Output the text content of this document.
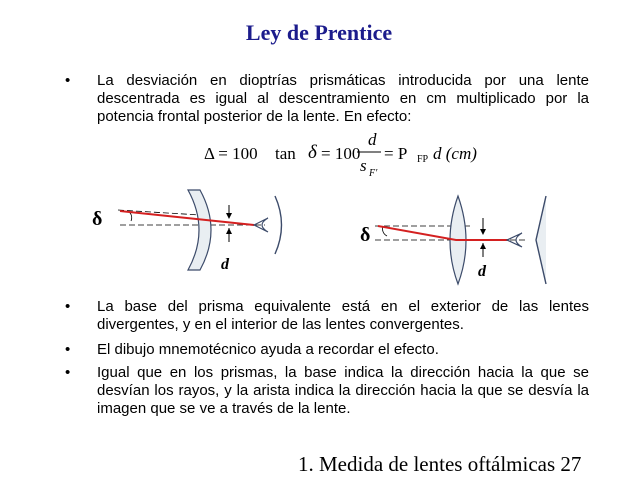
Ley de Prentice
• La desviación en dioptrías prismáticas introducida por una lente descentrada es igual al descentramiento en cm multiplicado por la potencia frontal posterior de la lente. En efecto:
Δ = 100 tan δ = 100
d
s F′
= P FP d (cm)
δ
d
δ
d
• La base del prisma equivalente está en el exterior de las lentes divergentes, y en el interior de las lentes convergentes.
• El dibujo mnemotécnico ayuda a recordar el efecto.
• Igual que en los prismas, la base indica la dirección hacia la que se desvían los rayos, y la arista indica la dirección hacia la que se desvía la imagen que se ve a través de la lente.
1. Medida de lentes oftálmicas 27
